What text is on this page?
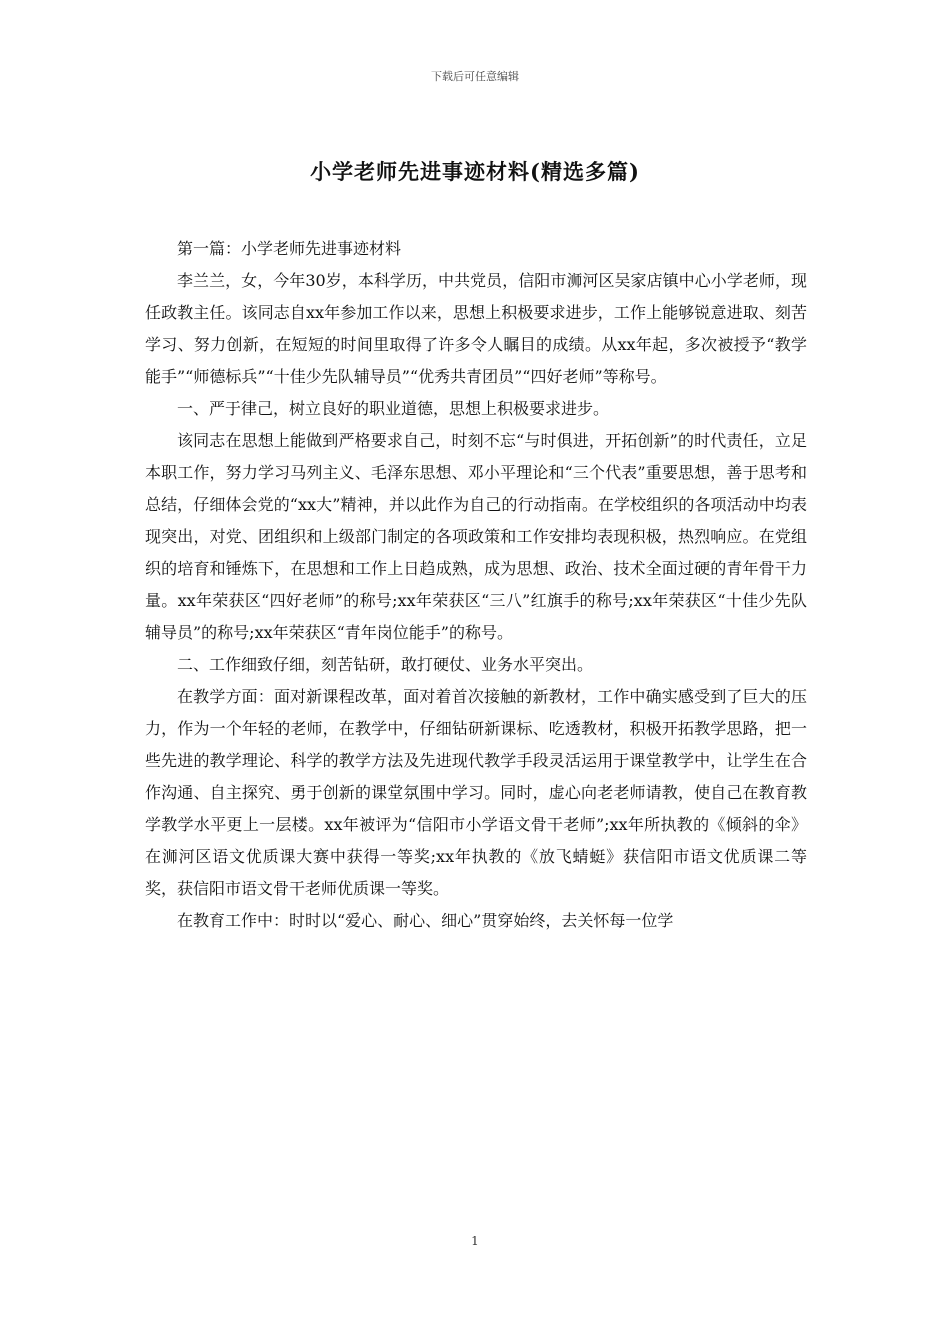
下载后可任意编辑
小学老师先进事迹材料(精选多篇)

第一篇：小学老师先进事迹材料

李兰兰，女，今年30岁，本科学历，中共党员，信阳市浉河区吴家店镇中心小学老师，现任政教主任。该同志自xx年参加工作以来，思想上积极要求进步，工作上能够锐意进取、刻苦学习、努力创新，在短短的时间里取得了许多令人瞩目的成绩。从xx年起，多次被授予“教学能手”“师德标兵”“十佳少先队辅导员”“优秀共青团员”“四好老师”等称号。

一、严于律己，树立良好的职业道德，思想上积极要求进步。

该同志在思想上能做到严格要求自己，时刻不忘“与时俱进，开拓创新”的时代责任，立足本职工作，努力学习马列主义、毛泽东思想、邓小平理论和“三个代表”重要思想，善于思考和总结，仔细体会党的“xx大”精神，并以此作为自己的行动指南。在学校组织的各项活动中均表现突出，对党、团组织和上级部门制定的各项政策和工作安排均表现积极，热烈响应。在党组织的培育和锤炼下，在思想和工作上日趋成熟，成为思想、政治、技术全面过硬的青年骨干力量。xx年荣获区“四好老师”的称号;xx年荣获区“三八”红旗手的称号;xx年荣获区“十佳少先队辅导员”的称号;xx年荣获区“青年岗位能手”的称号。

二、工作细致仔细，刻苦钻研，敢打硬仗、业务水平突出。

在教学方面：面对新课程改革，面对着首次接触的新教材，工作中确实感受到了巨大的压力，作为一个年轻的老师，在教学中，仔细钻研新课标、吃透教材，积极开拓教学思路，把一些先进的教学理论、科学的教学方法及先进现代教学手段灵活运用于课堂教学中，让学生在合作沟通、自主探究、勇于创新的课堂氛围中学习。同时，虚心向老老师请教，使自己在教育教学教学水平更上一层楼。xx年被评为“信阳市小学语文骨干老师”;xx年所执教的《倾斜的伞》在浉河区语文优质课大赛中获得一等奖;xx年执教的《放飞蜻蜓》获信阳市语文优质课二等奖，获信阳市语文骨干老师优质课一等奖。

在教育工作中：时时以“爱心、耐心、细心”贯穿始终，去关怀每一位学

1
